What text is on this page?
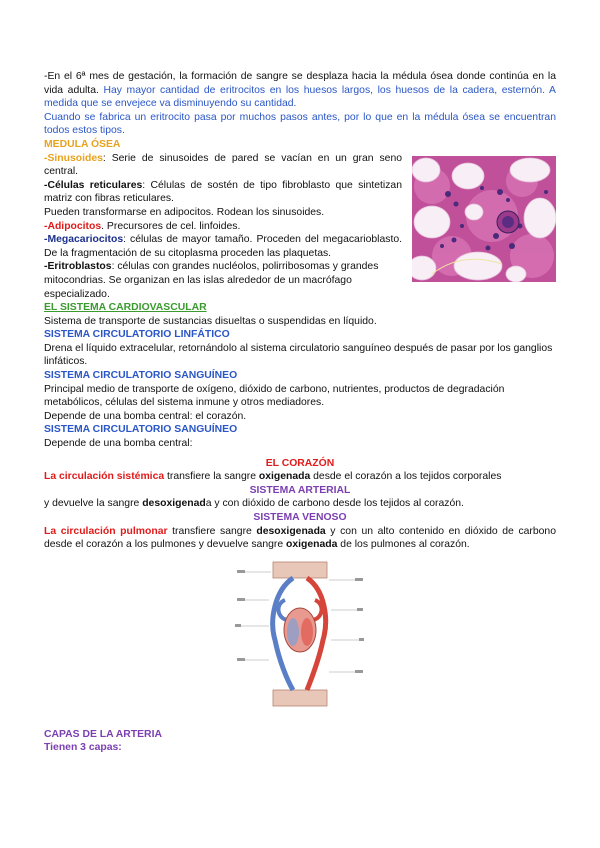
-En el 6ª mes de gestación, la formación de sangre se desplaza hacia la médula ósea donde continúa en la vida adulta. Hay mayor cantidad de eritrocitos en los huesos largos, los huesos de la cadera, esternón. A medida que se envejece va disminuyendo su cantidad.

Cuando se fabrica un eritrocito pasa por muchos pasos antes, por lo que en la médula ósea se encuentran todos estos tipos.

MEDULA ÓSEA

-Sinusoides: Serie de sinusoides de pared se vacían en un gran seno central.

-Células reticulares: Células de sostén de tipo fibroblasto que sintetizan matriz con fibras reticulares.

Pueden transformarse en adipocitos. Rodean los sinusoides.

-Adipocitos. Precursores de cel. linfoides.

-Megacariocitos: células de mayor tamaño. Proceden del megacarioblasto. De la fragmentación de su citoplasma proceden las plaquetas.

-Eritroblastos: células con grandes nucléolos, polirribosomas y grandes mitocondrias. Se organizan en las islas alrededor de un macrófago especializado.

EL SISTEMA CARDIOVASCULAR

Sistema de transporte de sustancias disueltas o suspendidas en líquido.

SISTEMA CIRCULATORIO LINFÁTICO

Drena el líquido extracelular, retornándolo al sistema circulatorio sanguíneo después de pasar por los ganglios linfáticos.

SISTEMA CIRCULATORIO SANGUÍNEO

Principal medio de transporte de oxígeno, dióxido de carbono, nutrientes, productos de degradación metabólicos, células del sistema inmune y otros mediadores.

Depende de una bomba central: el corazón.

SISTEMA CIRCULATORIO SANGUÍNEO

Depende de una bomba central:

EL CORAZÓN

La circulación sistémica transfiere la sangre oxigenada desde el corazón a los tejidos corporales

SISTEMA ARTERIAL

y devuelve la sangre desoxigenada y con dióxido de carbono desde los tejidos al corazón.

SISTEMA VENOSO

La circulación pulmonar transfiere sangre desoxigenada y con un alto contenido en dióxido de carbono desde el corazón a los pulmones y devuelve sangre oxigenada de los pulmones al corazón.

CAPAS DE LA ARTERIA

Tienen 3 capas:
